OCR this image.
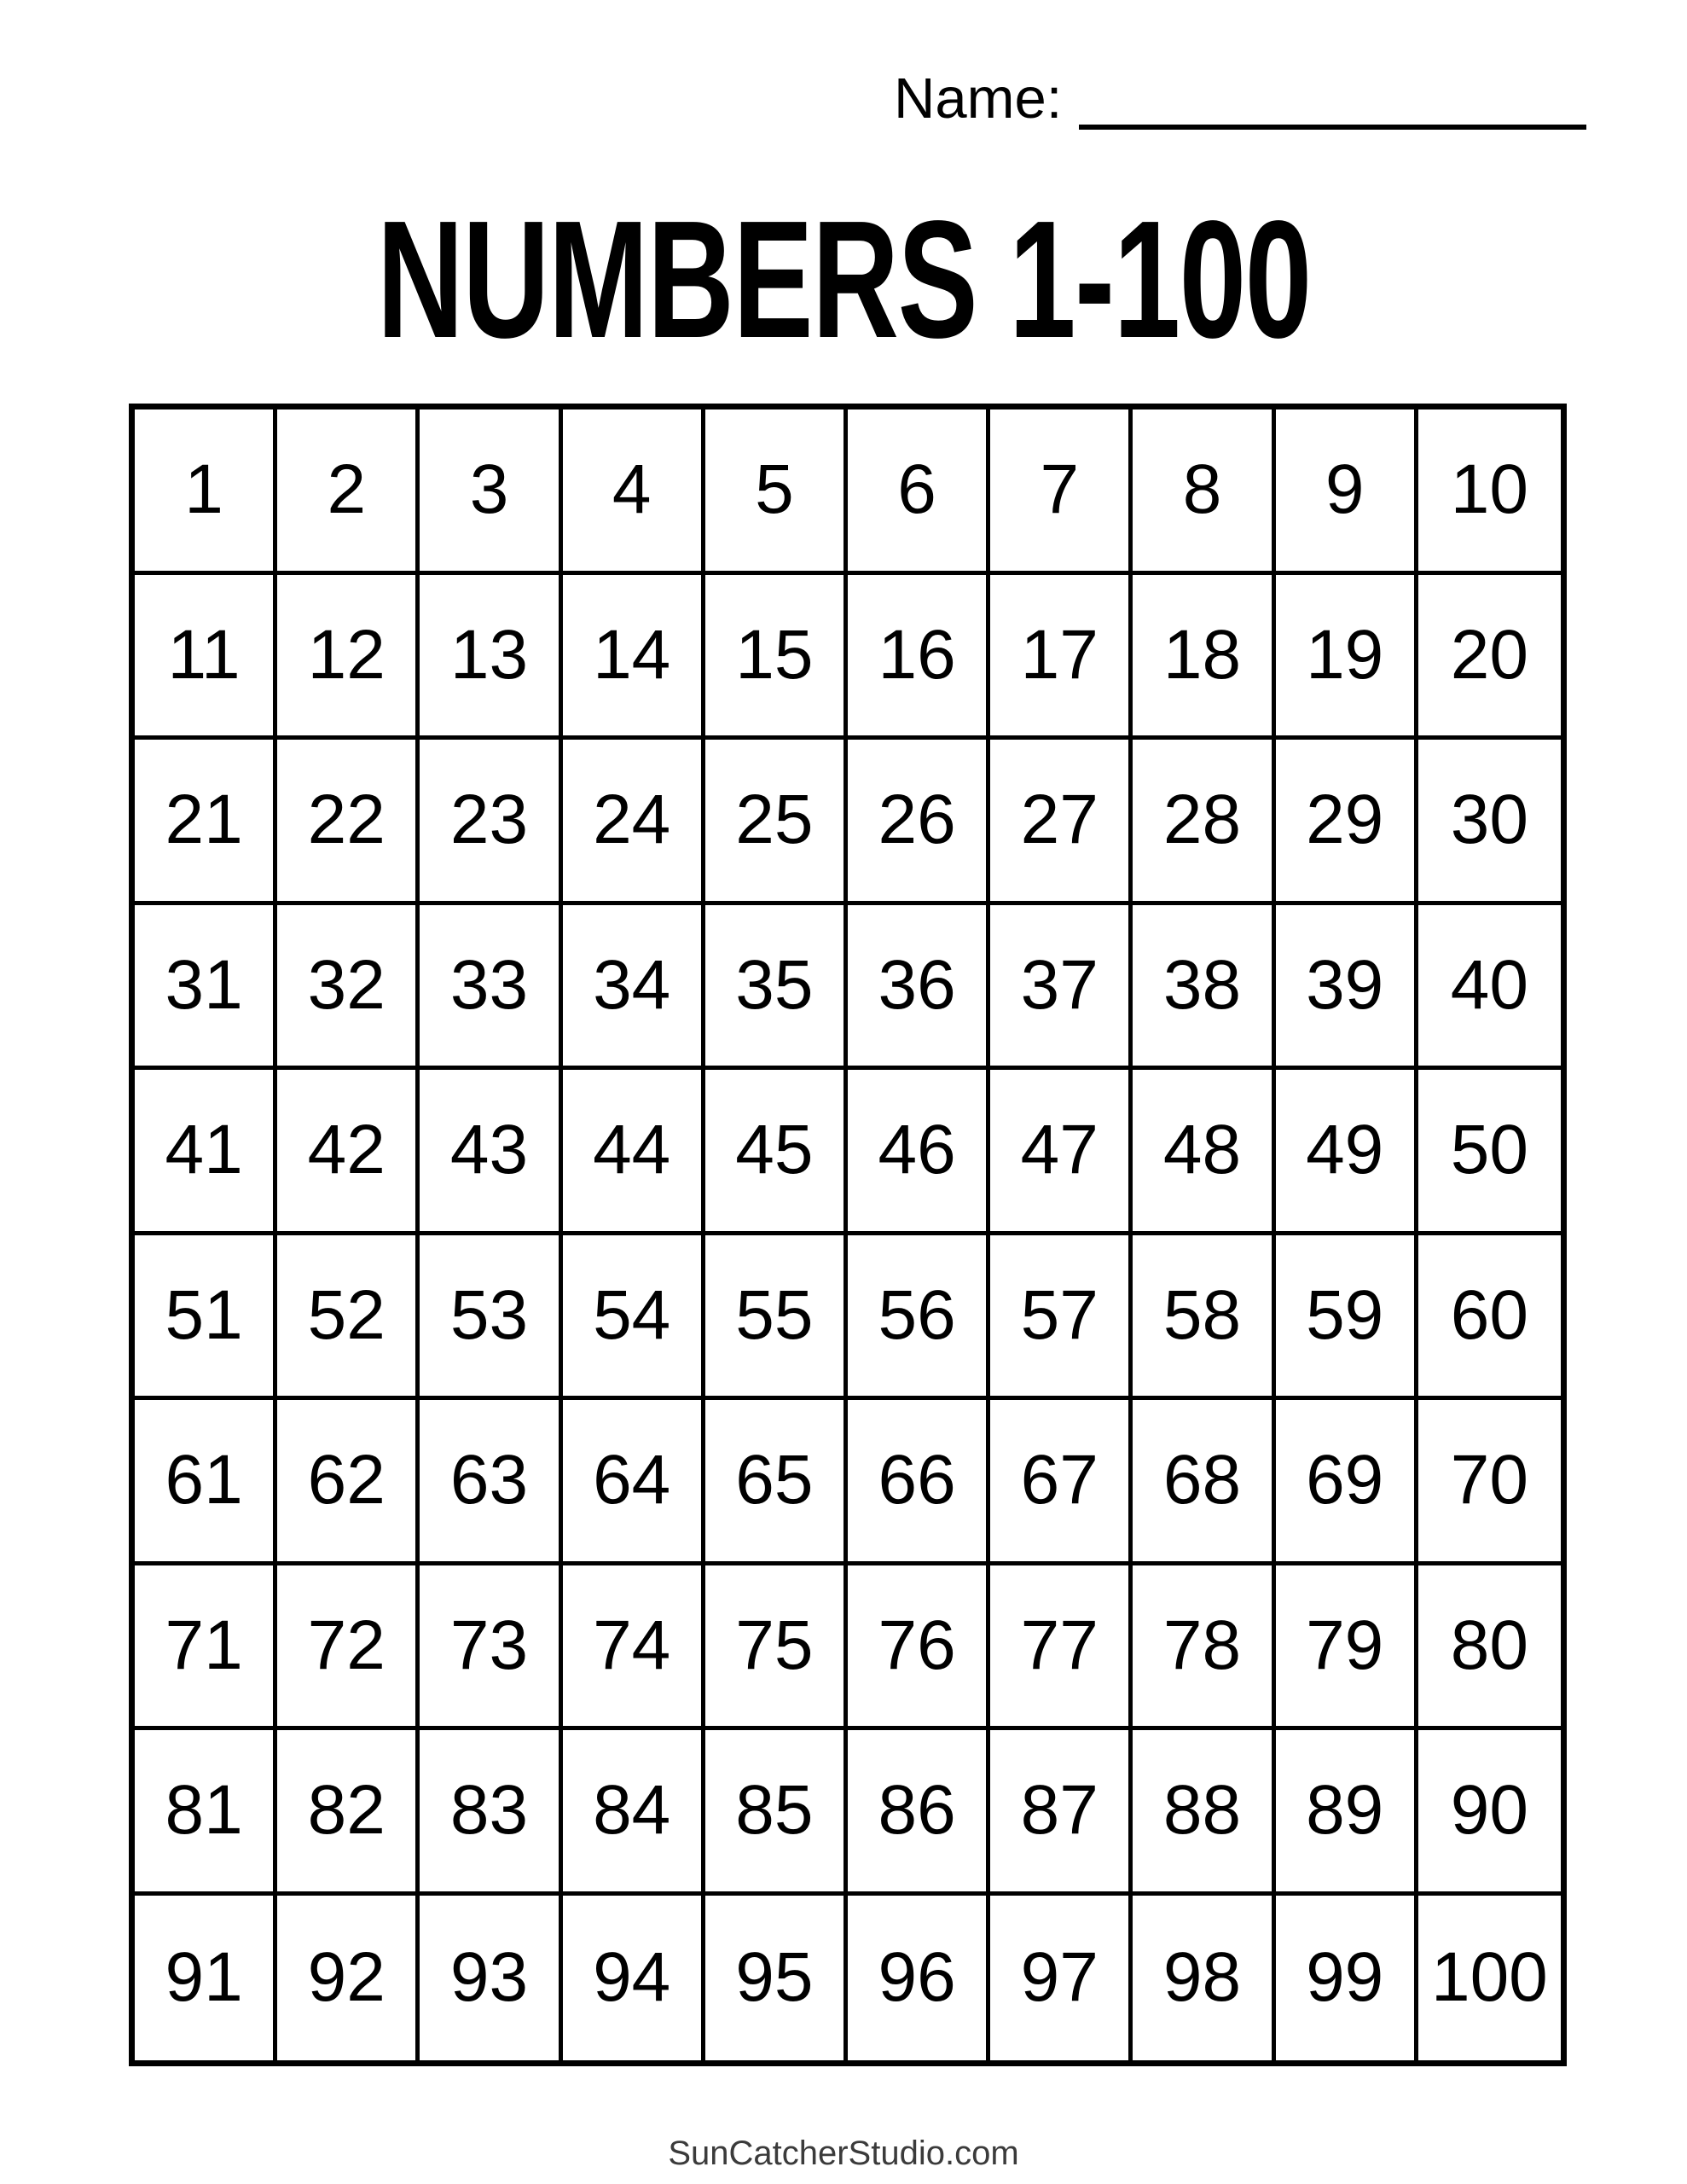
Name:
NUMBERS 1-100
1	2	3	4	5	6	7	8	9	10
11 12 13 14 15 16 17 18 19 20
21 22 23 24 25 26 27 28 29 30
31 32 33 34 35 36 37 38 39 40
41 42 43 44 45 46 47 48 49 50
51 52 53 54 55 56 57 58 59 60
61 62 63 64 65 66 67 68 69 70
71 72 73 74 75 76 77 78 79 80
81 82 83 84 85 86 87 88 89 90
91 92 93 94 95 96 97 98 99 100
SunCatcherStudio.com
